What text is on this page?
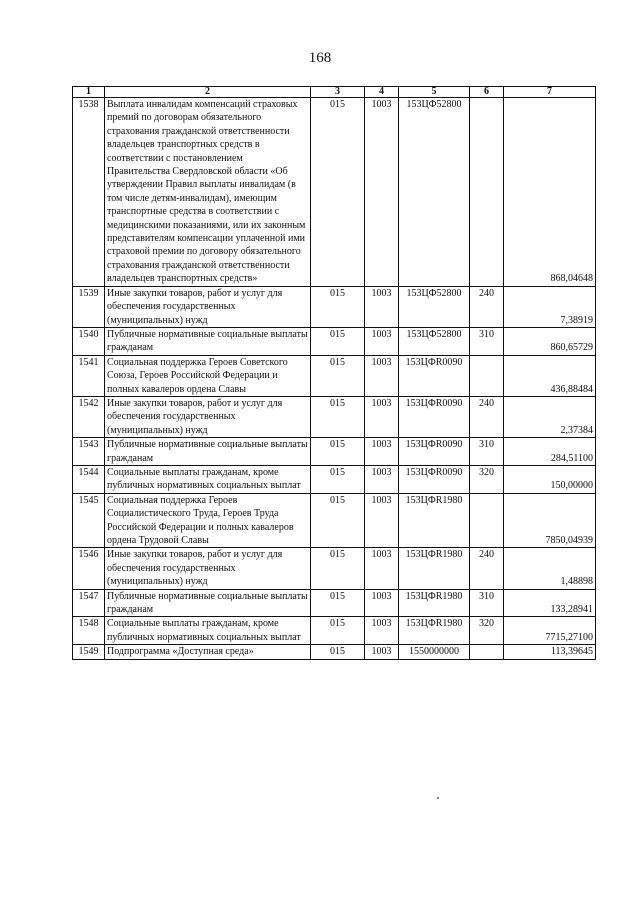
168
1	2	3	4	5	6	7
1538	Выплата инвалидам компенсаций страховых премий по договорам обязательного страхования гражданской ответственности владельцев транспортных средств в соответствии с постановлением Правительства Свердловской области «Об утверждении Правил выплаты инвалидам (в том числе детям-инвалидам), имеющим транспортные средства в соответствии с медицинскими показаниями, или их законным представителям компенсации уплаченной ими страховой премии по договору обязательного страхования гражданской ответственности владельцев транспортных средств»	015	1003	153ЦФ52800		868,04648
1539	Иные закупки товаров, работ и услуг для обеспечения государственных (муниципальных) нужд	015	1003	153ЦФ52800	240	7,38919
1540	Публичные нормативные социальные выплаты гражданам	015	1003	153ЦФ52800	310	860,65729
1541	Социальная поддержка Героев Советского Союза, Героев Российской Федерации и полных кавалеров ордена Славы	015	1003	153ЦФR0090		436,88484
1542	Иные закупки товаров, работ и услуг для обеспечения государственных (муниципальных) нужд	015	1003	153ЦФR0090	240	2,37384
1543	Публичные нормативные социальные выплаты гражданам	015	1003	153ЦФR0090	310	284,51100
1544	Социальные выплаты гражданам, кроме публичных нормативных социальных выплат	015	1003	153ЦФR0090	320	150,00000
1545	Социальная поддержка Героев Социалистического Труда, Героев Труда Российской Федерации и полных кавалеров ордена Трудовой Славы	015	1003	153ЦФR1980		7850,04939
1546	Иные закупки товаров, работ и услуг для обеспечения государственных (муниципальных) нужд	015	1003	153ЦФR1980	240	1,48898
1547	Публичные нормативные социальные выплаты гражданам	015	1003	153ЦФR1980	310	133,28941
1548	Социальные выплаты гражданам, кроме публичных нормативных социальных выплат	015	1003	153ЦФR1980	320	7715,27100
1549	Подпрограмма «Доступная среда»	015	1003	1550000000		113,39645
